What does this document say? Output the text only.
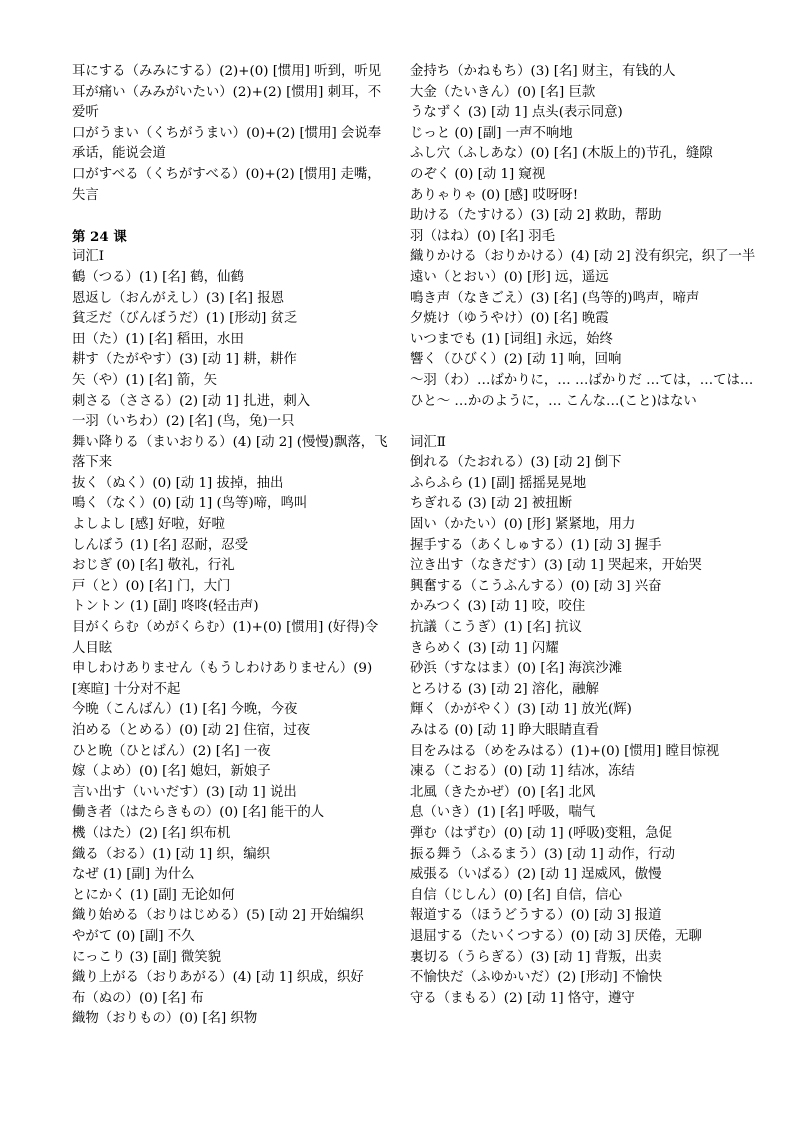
耳にする（みみにする）(2)+(0) [惯用] 听到，听见
耳が痛い（みみがいたい）(2)+(2) [惯用] 刺耳，不爱听
口がうまい（くちがうまい）(0)+(2) [惯用] 会说奉承话，能说会道
口がすべる（くちがすべる）(0)+(2) [惯用] 走嘴，失言
第 24 课
词汇Ⅰ
鶴（つる）(1) [名] 鹤，仙鹤
恩返し（おんがえし）(3) [名] 报恩
貧乏だ（びんぼうだ）(1) [形动] 贫乏
田（た）(1) [名] 稻田，水田
耕す（たがやす）(3) [动 1] 耕，耕作
矢（や）(1) [名] 箭，矢
刺さる（ささる）(2) [动 1] 扎进，刺入
一羽（いちわ）(2) [名] (鸟，兔)一只
舞い降りる（まいおりる）(4) [动 2] (慢慢)飘落，飞落下来
抜く（ぬく）(0) [动 1] 拔掉，抽出
鳴く（なく）(0) [动 1] (鸟等)啼，鸣叫
よしよし [感] 好啦，好啦
しんぼう (1) [名] 忍耐，忍受
おじぎ (0) [名] 敬礼，行礼
戸（と）(0) [名] 门，大门
トントン (1) [副] 咚咚(轻击声)
目がくらむ（めがくらむ）(1)+(0) [惯用] (好得)令人目眩
申しわけありません（もうしわけありません）(9) [寒暄] 十分对不起
今晩（こんばん）(1) [名] 今晚，今夜
泊める（とめる）(0) [动 2] 住宿，过夜
ひと晩（ひとばん）(2) [名] 一夜
嫁（よめ）(0) [名] 媳妇，新娘子
言い出す（いいだす）(3) [动 1] 说出
働き者（はたらきもの）(0) [名] 能干的人
機（はた）(2) [名] 织布机
織る（おる）(1) [动 1] 织，编织
なぜ (1) [副] 为什么
とにかく (1) [副] 无论如何
織り始める（おりはじめる）(5) [动 2] 开始编织
やがて (0) [副] 不久
にっこり (3) [副] 微笑貌
織り上がる（おりあがる）(4) [动 1] 织成，织好
布（ぬの）(0) [名] 布
織物（おりもの）(0) [名] 织物
金持ち（かねもち）(3) [名] 财主，有钱的人
大金（たいきん）(0) [名] 巨款
うなずく (3) [动 1] 点头(表示同意)
じっと (0) [副] 一声不响地
ふし穴（ふしあな）(0) [名] (木版上的)节孔，缝隙
のぞく (0) [动 1] 窥视
ありゃりゃ (0) [感] 哎呀呀!
助ける（たすける）(3) [动 2] 救助，帮助
羽（はね）(0) [名] 羽毛
織りかける（おりかける）(4) [动 2] 没有织完，织了一半
遠い（とおい）(0) [形] 远，遥远
鳴き声（なきごえ）(3) [名] (鸟等的)鸣声，啼声
夕焼け（ゆうやけ）(0) [名] 晚霞
いつまでも (1) [词组] 永远，始终
響く（ひびく）(2) [动 1] 响，回响
～羽（わ）…ばかりに，… …ばかりだ …ては，…ては…
ひと～ …かのように，… こんな…(こと)はない
词汇Ⅱ
倒れる（たおれる）(3) [动 2] 倒下
ふらふら (1) [副] 摇摇晃晃地
ちぎれる (3) [动 2] 被扭断
固い（かたい）(0) [形] 紧紧地，用力
握手する（あくしゅする）(1) [动 3] 握手
泣き出す（なきだす）(3) [动 1] 哭起来，开始哭
興奮する（こうふんする）(0) [动 3] 兴奋
かみつく (3) [动 1] 咬，咬住
抗議（こうぎ）(1) [名] 抗议
きらめく (3) [动 1] 闪耀
砂浜（すなはま）(0) [名] 海滨沙滩
とろける (3) [动 2] 溶化，融解
輝く（かがやく）(3) [动 1] 放光(辉)
みはる (0) [动 1] 睁大眼睛直看
目をみはる（めをみはる）(1)+(0) [惯用] 瞠目惊视
凍る（こおる）(0) [动 1] 结冰，冻结
北風（きたかぜ）(0) [名] 北风
息（いき）(1) [名] 呼吸，喘气
弾む（はずむ）(0) [动 1] (呼吸)变粗，急促
振る舞う（ふるまう）(3) [动 1] 动作，行动
威張る（いばる）(2) [动 1] 逞威风，傲慢
自信（じしん）(0) [名] 自信，信心
報道する（ほうどうする）(0) [动 3] 报道
退屈する（たいくつする）(0) [动 3] 厌倦，无聊
裏切る（うらぎる）(3) [动 1] 背叛，出卖
不愉快だ（ふゆかいだ）(2) [形动] 不愉快
守る（まもる）(2) [动 1] 恪守，遵守
